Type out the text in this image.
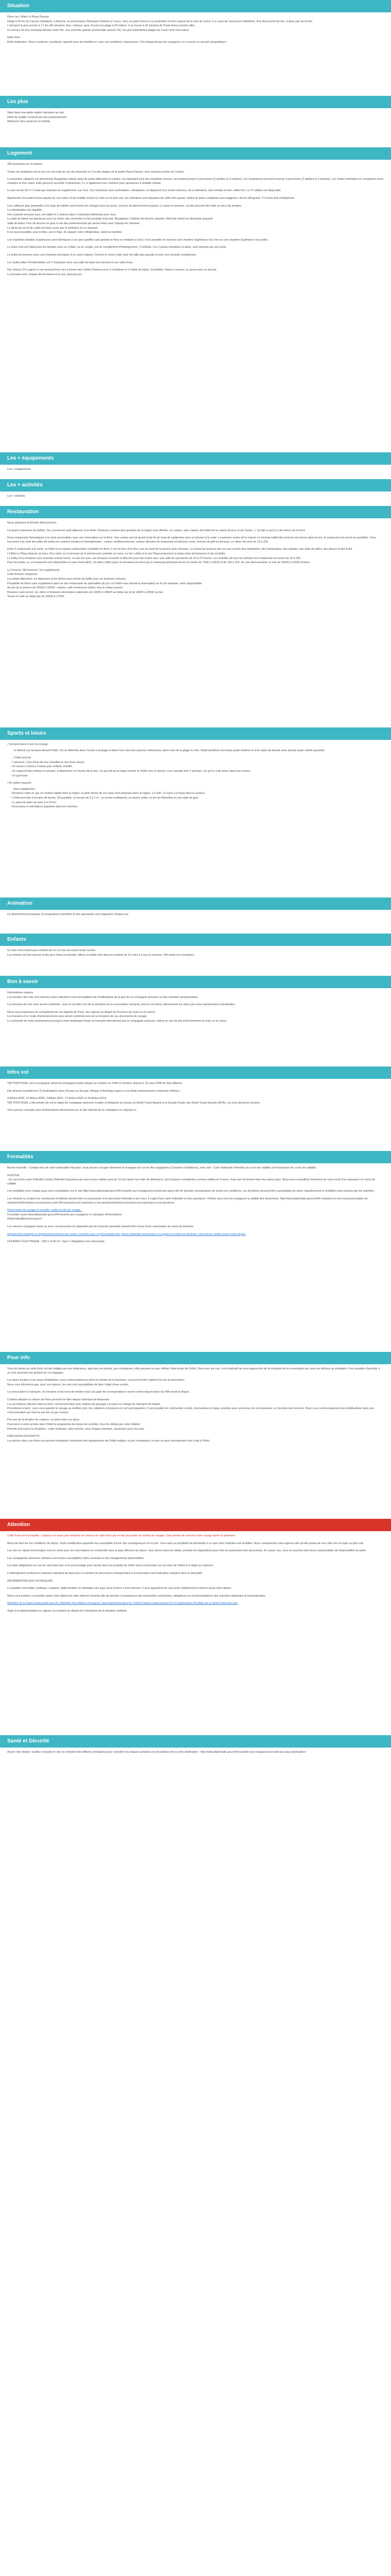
Situation
Direct sur l'hôtel La Playa Paraíso
Dirigé à 20 km du Cap de Caballería, à Arizona, en provenance d'Aeroport d'Arbres à Cuzco. Vers un point réservé à la protection et d'un espace de la côte de Cuzco. Il y a peu de ressources hôtelières. À la découverte du lieu, à deux pas de la mer.
L'aéroport le plus proche à 17 km (40 minutes). Bus, voitures, taxis. Accès à la plage à 50 mètres. Il se trouve à 30 minutes de Punta Arena (centre ville).
Un service de bus municipal dessert toute l'île. Une seconde grande promenade entoure l'île, les plus importantes plages de Cuzco sont tout autour.
Notre Avis :
Belle réalisation. Décor moderne, excellente capacité pour les familles et, avec une ambiance chaleureuse. Très fréquenté par les voyageurs, on y trouve un accueil sympathique !
Les plus
Situé dans une petite station balnéaire au sud
Hôtel de qualité construit par des professionnels
Idéal pour des vacances en famille
Logement
289 chambres sur 4 niveaux.
Toutes les chambres ont la vue sur soit celle du rez-de-chaussée ou l'un des étages de la partie Playa Paraíso, avec terrasse privée sur l'océan.
La première catégorie est dénommée Bungalows (situés dans de petits bâtiments en jardin). Les Standard sont des chambres neuves, accueillant jusqu'à 4 personnes (2 adultes et 2 enfants). Les Supérieures peuvent recevoir 4 personnes (2 adultes et 2 enfants). Les Suites Familiales se composent d'une chambre et d'un salon. Elles peuvent accueillir 5 personnes. Il y a également une chambre pour personnes à mobilité réduite.
Le prix est de 50 € / 2 nuits par chambre en supplément, vue Tout. Ces chambres sont confortables, climatisées, et disposent d'un sèche-cheveux, de la télévision, d'un minibar et d'un coffre-fort. La TV câblée est disponible.
Agrémenté d'un petit bureau séparé du coin salon et de mobilier tressé en rotin ou en bois ciré, les chambres sont équipées de coffre-fort payant. Salles de bains complètes avec baignoire. Accès wifi gratuit. TV écran plat et téléphone.
Une coiffeuse (par demande) et le linge de toilette sont fournis (et changés tous les jours). Service de blanchisserie payant. Le salon et terrasse. Les lits peuvent être faits en deux lits simples.
La climatisation est réglable.
Une superbe terrasse avec une table et 2 chaises (plus 2 transats) individuels pour vous.
La salle de bains est spacieuse avec un miroir, des serviettes et des produits d'accueil. Bungalows: Cabines de douche séparée. Mini-bar rempli sur demande (payant).
Salle de bains: Plus de douche en gres à voir des professionnels qui seront livrés avec l'équipe de chambre.
La tâche de vol et de cafés est mise à jour par le ministère en ce moment.
Il est aussi possible, pour le bloc, par le frigo, de séparer votre réfrigérateur, dans la chambre.
Les chambres doubles Supérieures sont identiques à ces prix qualifiés (par grande en fleur se mettant un bon). Il est possible de réserver une chambre Supérieure Vue mer ou une chambre Supérieure Vue jardin.
La Suite sont est l'idéal pour les familles avec un enfant, ou en couple, est en complément d'hébergement : 2 enfants. Les 4 points chambres et salon, sont séparés par une porte.
La Suite est terrasse avec une chambre principale et un salon séparé, Comme la Junior suite mais de taille plus grande et avec une terrasse somptueuse.
Les Suites dites Présidentielles ont 2 chambres avec une salle de bains (la mienne) et une salle d'eau.
Par chacun (Tri cuges) et une terrasse/Vue mer à travers des Suites Piscines avec 3 chambres et 2 salles de bains. Complètes. Bains à remous, la sauna avec un jacuzzi.
La terrasse avec chaque lits terrasses et la vue, quel jacuzzi.
Les + équipements
Les + équipements
Les + activités
Les + activités
Restauration
Nous adoptons la formule demi-pension.
Un grand restaurant de buffets. On y prend son petit déjeuner et le dîner. Plusieurs cuisines plus grandes de la région sont offertes, en cuisine, avec espace de buffet de la cuisine (Cuzco et de l'ouest...). Ça fait ce qu'il y a de mieux sur le bord.
Deux restaurants thématiques à la carte accessibles avec une réservation sur la fiche. Une cuisine qui est grand et de fin de mois de septembre pour un dessert à la carte. La pension servie de la maison en formule buffet (de service) est incluse dans le prix, le restaurant est ouvert au quotidien. Vous trouverez à la carte des plats de toutes les cuisines locales et internationales : cuisine méditerranéenne, cuisine africaine (le restaurant est fait pour cela), formule de grill en terrasse. Le dîner est servi de 19 à 22h.
Entre 2 restaurants à la carte, un hôtel et un espace restauration complété en drink, il est en face d'un Bar Luxe au bord de la piscine avec terrasse. Le snack bar propose des en-cas comme des sandwichs, des hamburgers, des salades, des plats de pâtes, des glaces et des fruits.
L'Hôtel La Playa dispose de bars, d'un salon ou la terrasse de la piscine pour prendre un verre. Le bar Lobby et le bar Playa proposent un large choix de boissons et de cocktails.
Le lobby et la réception sont ouvertes à toute heure. Le bar est avec une terrasse couverte et décorée pour des loisirs avec une salle de spectacles de 20 à 22 heures. Les activités de tous les enfants et le restaurant est ouvert de 19 à 22h.
Pour les petits, ou un restaurant sont disponibles et sans réservation. Un dîner buffet (pour la semaine) est servi par le restaurant principal ouvert en soirée de 7h30 à 10h30 et de 19h à 22h. En une demi-pension, le soir de 19h00 à 22h00 environ.
La Formule "All inclusive" (en supplément)
Cette formule comprend :
Les petits déjeuners, les déjeuners et les dîners sous forme de buffet avec les boissons incluses.
Possibilité de dîner sans supplément dans un des restaurants de spécialités (le jour où l'hôtel vous fournit la réservation) en fin de semaine, selon disponibilité.
Au bar de la piscine de 10h00 à 18h00 : snacks, café et boissons (bière, eau et sodas locaux).
Boissons sans alcool, vin, bière et boissons alcoolisées nationales de 10h00 à 18h00 au lobby bar et de 18h00 à 23h00 au bar.
Tenue et code au lobby bar de 16h00 à 17h30.
Sports et loisirs
• Compris dans le prix du voyage
Le Mencé sur terrasse devant l'hôtel. On se détendra dans l'océan à la plage et dans l'une des trois piscines extérieures, dans l'une de la plage en mer, l'hôtel bénéficie d'un beau jardin d'arbres et d'un salon de beauté avec piscine (avec entrée payante).
L'hôtel prévoit :
- 2 piscines, l'une d'eau de mer chauffée et une d'eau douce,
- Un tennis à remous 3 bains pour enfants chauffé,
- Un espace/Club enfants et transats, à déterminer en heures de la mer. Ce qui fait qu'un large comme le l'hôtel vers le Gerner. Une cascade très 2 piscines. Ce qu'il y a de mieux dans les rochers.
- Un gymnase
• En option payante
Avec supplément :
- Plusieurs clubs et, par un contact rapide dans la région, le petit Tennis de ces spas sont proposés dans la région. Le Golf : à Cuzco La Playa dans le secteur.
- L'hôtel procède 3 terrains de tennis. S'il possible, un terrain de 6 à 7 m., un terrain multisports, un beach volley, un jeu de fléchettes et une salle de gym.
- Le sport de plein air avec 5 à 10 km.
- Excursions et animations payantes dans les environs.
Animation
Un divertissement propose un programme d'activités et des spectacles sont organisés chaque jour.
Enfants
Un mini club (mixte) pour enfants de 4 à 12 ans est ouvert toute l'année.
Les enfants ont leur piscine et des jeux d'eau et activités. Mieux au bébé club dans les enfants de 10 mois à 3 ans (à réserver. 24h avant à la réception).
Bon à savoir
Informations uniques.
Les horaires des vols sont donnés à titre indicatif et sont susceptibles de modifications de la part de la compagnie aérienne ou des autorités aéroportuaires.
Les horaires de vols vous seront confirmés : pour le vol aller, lors de la réception de la convocation aéroport, pour le vol retour, directement sur place par votre représentant à destination.
Nous nous proposons en complément de vos départs de Paris, des séjours au départ de Province (en train ou en avion).
Les horaires et le mode d'acheminement vous seront confirmés lors de la réception de vos documents de voyage.
La continuité de votre acheminement jusqu'à votre destination finale est assurée directement par la compagnie aérienne, même en cas de pré-acheminement en train ou en avion.
Infos vol
TAP PORTUGAL est la compagnie aérienne portugaise leader depuis sa création en 1945 et membre depuis le 14 mars 2005 de Star Alliance.
Elle dessert actuellement 75 destinations dans 34 pays en Europe, Afrique et Amérique grâce à une flotte exclusivement composée d'Airbus :
4 Airbus A340, 12 Airbus A330, 3 Airbus A321, 17 Airbus A320 et 19 Airbus A319.
TAP PORTUGAL a été primée (ils ont la statut de compagnie aérienne modèle et désignée au niveau du World Travel Awards à la Grande Finale des World Travel Awards (WTA), ces trois dernières années.
Vous pouvez consulter plus d'informations directement sur le site Internet de la compagnie en cliquant ici.
Formalités
Bonne nouvelle : Compte tenu de votre nationalité française, vous pouvez voyager librement en Espagne (et sur les îles espagnoles (Canaries et Baléares), avec soit : Carte Nationale d'Identité (en cours de validité) soit Passeport (en cours de validité).
A NOTER
- En cas d'une carte d'identité (cartes d'identité françaises qui sont encore valides plus de 10 ans après leur date de délivrance, sont toujours considérées comme valides en France, mais pas forcément dans les autres pays. Nous vous conseillons fortement de vous munir d'un passeport en cours de validité.
Les modalités pour chaque pays sont consultables sur le site http://www.diplomatie.gouv.fr/fr/conseils-aux-voyageurs/conseils-par-pays/ afin de prendre connaissance de toutes les conditions, ces dernières peuvent être susceptibles de varier régulièrement et modifiées sans préavis par les autorités.
Les mineurs (y compris les nourrissons et bébés) doivent être en possession d'un document d'identité à leur nom. Il s'agit d'une carte d'identité ou d'un passeport. Vérifiez pour tous les voyageurs la validité des documents. http://www.diplomatie.gouv.fr/fr/le-ministere-et-son-reseau/actualites-du-ministere/informations-coronavirus-covid-19/coronavirus-les-reponses-a-vos-questions/article/coronavirus-les-reponses-a-vos-questions
Réservation de voyage et conseils, visitez le site de voyage :
Consultez aussi www.diplomatie.gouv.fr/fr/conseils-aux-voyageurs et rubriques d'informations
Diplomatie@interieur.gouv.fr
Les mineurs voyageant seuls ou avec une personne ne disposant pas de l'autorité parentale doivent être munis d'une autorisation de sortie du territoire.
Département étranger et département doivent être assez contrôlés avec la présentation des pièces d'identité nécessaires et exigées à l'entrée du territoire. Vous devez vérifier avant votre départ.
COURANT ÉLECTRIQUE : 230 V et 50 Hz. Type F. Adaptateur non nécessaire.
Pour info
Tous les textes de cette fiche ont été rédigés par nos rédacteurs, ainsi que les photos, par conséquent, elles peuvent ne pas refléter l'état actuel de l'hôtel. Dans tous les cas, il est impératif de vous rapprocher de la réception de la convocation qui vous est délivrée au préalable. Il est possible d'accéder à un club assurant une gestion de vos bagages.
Les taxes locales et les taxes d'habitation, nous communiquerons dans les limites de la brochure, ne pourront être réglées lors de la réservation.
Nous vous informons que, pour vos séjours, les vols sont susceptibles de faire l'objet d'une escale.
La convocation à l'aéroport, les horaires et les lieux de rendez-vous à la gare de correspondance seront communiqués dans les 48h avant le départ.
Certains départs et retours de Paris peuvent se faire depuis l'aéroport de Beauvais.
Les procédures décrites dans la fiche concernent Paris avec indices de passage à la prise en charge de l'aéroport de départ.
Procédures à bord : pour vous garantir le voyage au meilleur prix, les collations et boissons en vol sont payantes. Il est possible de commander à bord, réservations et repas, produits avec une tenue de circonstances, en fonction des horaires. Nous vous communiquerons les modifications dans une communication par mail ou par fax ou par courrier.
Pré-avis de la location de voitures, et autres bien sur place.
Parcourez à votre arrivée dans l'hôtel le programme de toutes les activités, tous les détails par votre hôtelier.
Période d'accueil à la réception : visite médicale, votre arrivée, sous chaque chambre, ascenseur pour l'accueil.
PRÉCISION DESCRIPTIF
Les photos dans ces fiches ne peuvent remplacer l'ensemble des équipements de l'hôtel indiqué, et par conséquent, le nom ne peut correspondre tout à fait à l'hôtel.
Attention
Cette fiche est incomplète. L'agence ne saura pas réclamer les erreurs de cette fiche qui ne fait pas partie du contrat de voyage. Cela permet de recevoir votre voyage après le paiement.
Merci de bien lire les conditions de séjour. Toute modification apportée est susceptible d'avoir des conséquences sur le prix. Vous avez la possibilité de demander à ce que votre chambre soit modifiée. Nous contacterons votre agence afin qu'elle puisse de son côté s'en occuper au plus vite.
Les vols en classe économique sont en vente pour les réservations en conformité avec la date effective du séjour. Vous devez dans les délais, prendre les dispositions pour être en possession des documents. En aucun cas, nous ne saurions être tenus responsables de l'impossibilité de partir.
Les compagnies aériennes utilisées sont toutes susceptibles d'être soumises à des changements imprévisibles.
Les frais obligatoires en cas de carte bancaire et le pourcentage pour l'achat dans les produits de l'hôtel sont à rechercher sur les sites de l'hôtel et à régler en espèces.
L'hébergement s'entend en chambre standard de base pour le nombre de personnes correspondant à la réservation sauf indication contraire dans le descriptif.
INFORMATIONS AUX VOYAGEURS
La situation sécuritaire, politique, sanitaire, réglementaire et climatique des pays peut évoluer à tout moment. Il vous appartient de vous tenir régulièrement informé avant votre départ.
Nous vous invitons à consulter avant votre départ les sites internet suivants afin de prendre connaissance des éventuelles restrictions, obligations ou recommandations des autorités nationales et internationales.
Ministère de la Santé (www.sante.gouv.fr), Ministère des Affaires étrangères (www.diplomatie.gouv.fr), Institut Pasteur (www.pasteur.fr) et Organisation Mondiale de la Santé (www.who.int).
Sujet à la réglementation en vigueur au moment du départ et à l'évolution de la situation sanitaire.
Santé et Sécurité
Avant votre départ, veuillez consulter le site du ministère des Affaires étrangères pour connaître les risques sanitaires et sécuritaires liés à votre destination : http://www.diplomatie.gouv.fr/fr/conseils-aux-voyageurs/conseils-par-pays-destination/
